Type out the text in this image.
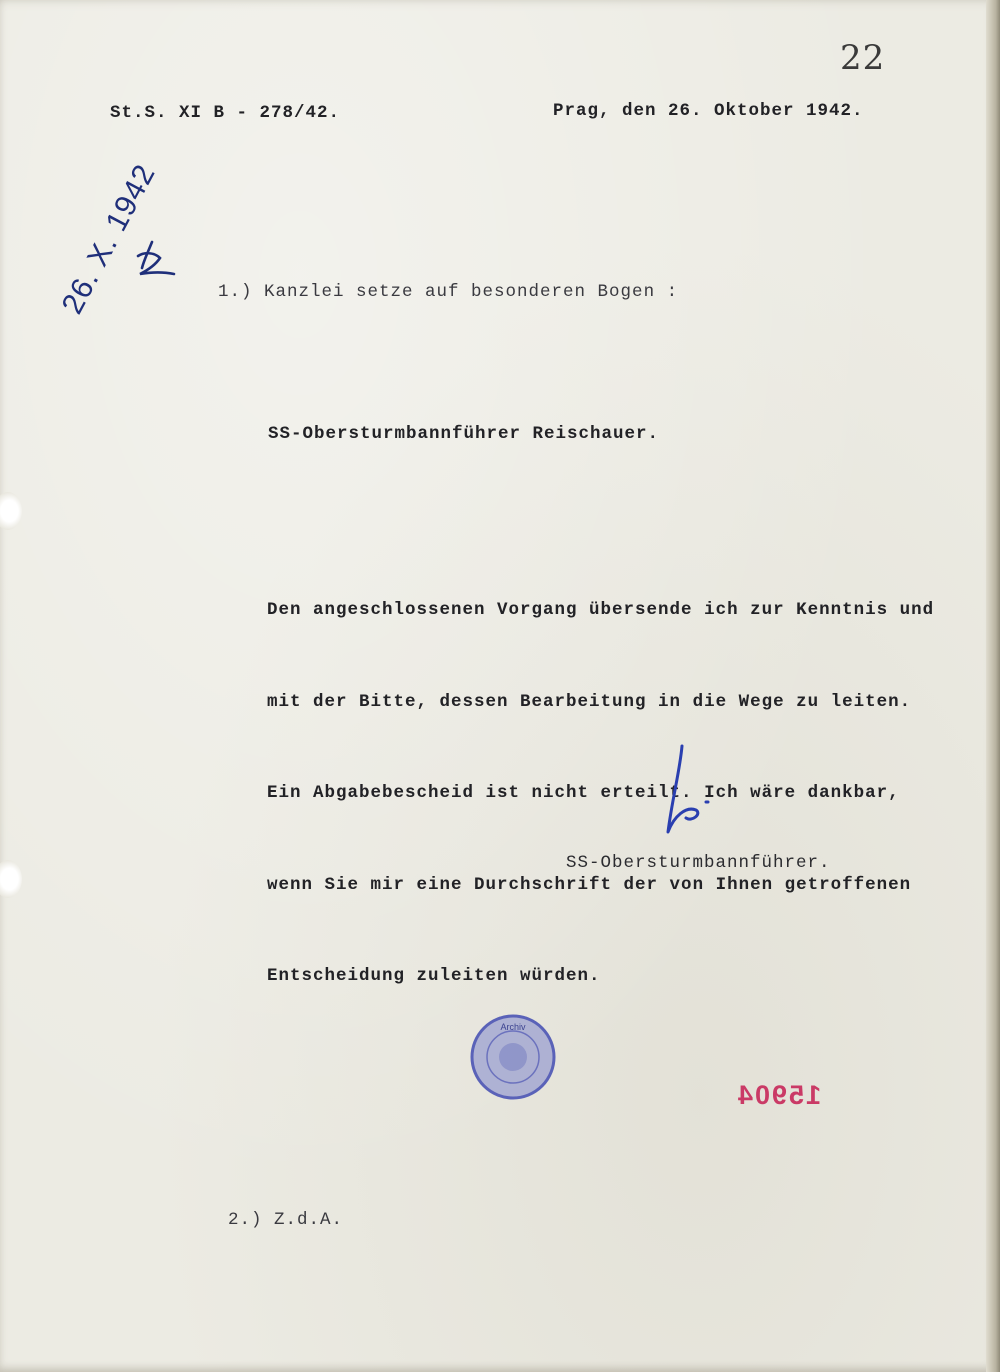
22
St.S. XI B - 278/42.	Prag, den 26. Oktober 1942.
26. X. 1942	1.) Kanzlei setze auf besonderen Bogen :
SS-Obersturmbannführer Reischauer.

Den angeschlossenen Vorgang übersende ich zur Kenntnis und

mit der Bitte, dessen Bearbeitung in die Wege zu leiten.

Ein Abgabebescheid ist nicht erteilt. Ich wäre dankbar,

wenn Sie mir eine Durchschrift der von Ihnen getroffenen

Entscheidung zuleiten würden.

SS-Obersturmbannführer.
Archiv
15904
2.) Z.d.A.
